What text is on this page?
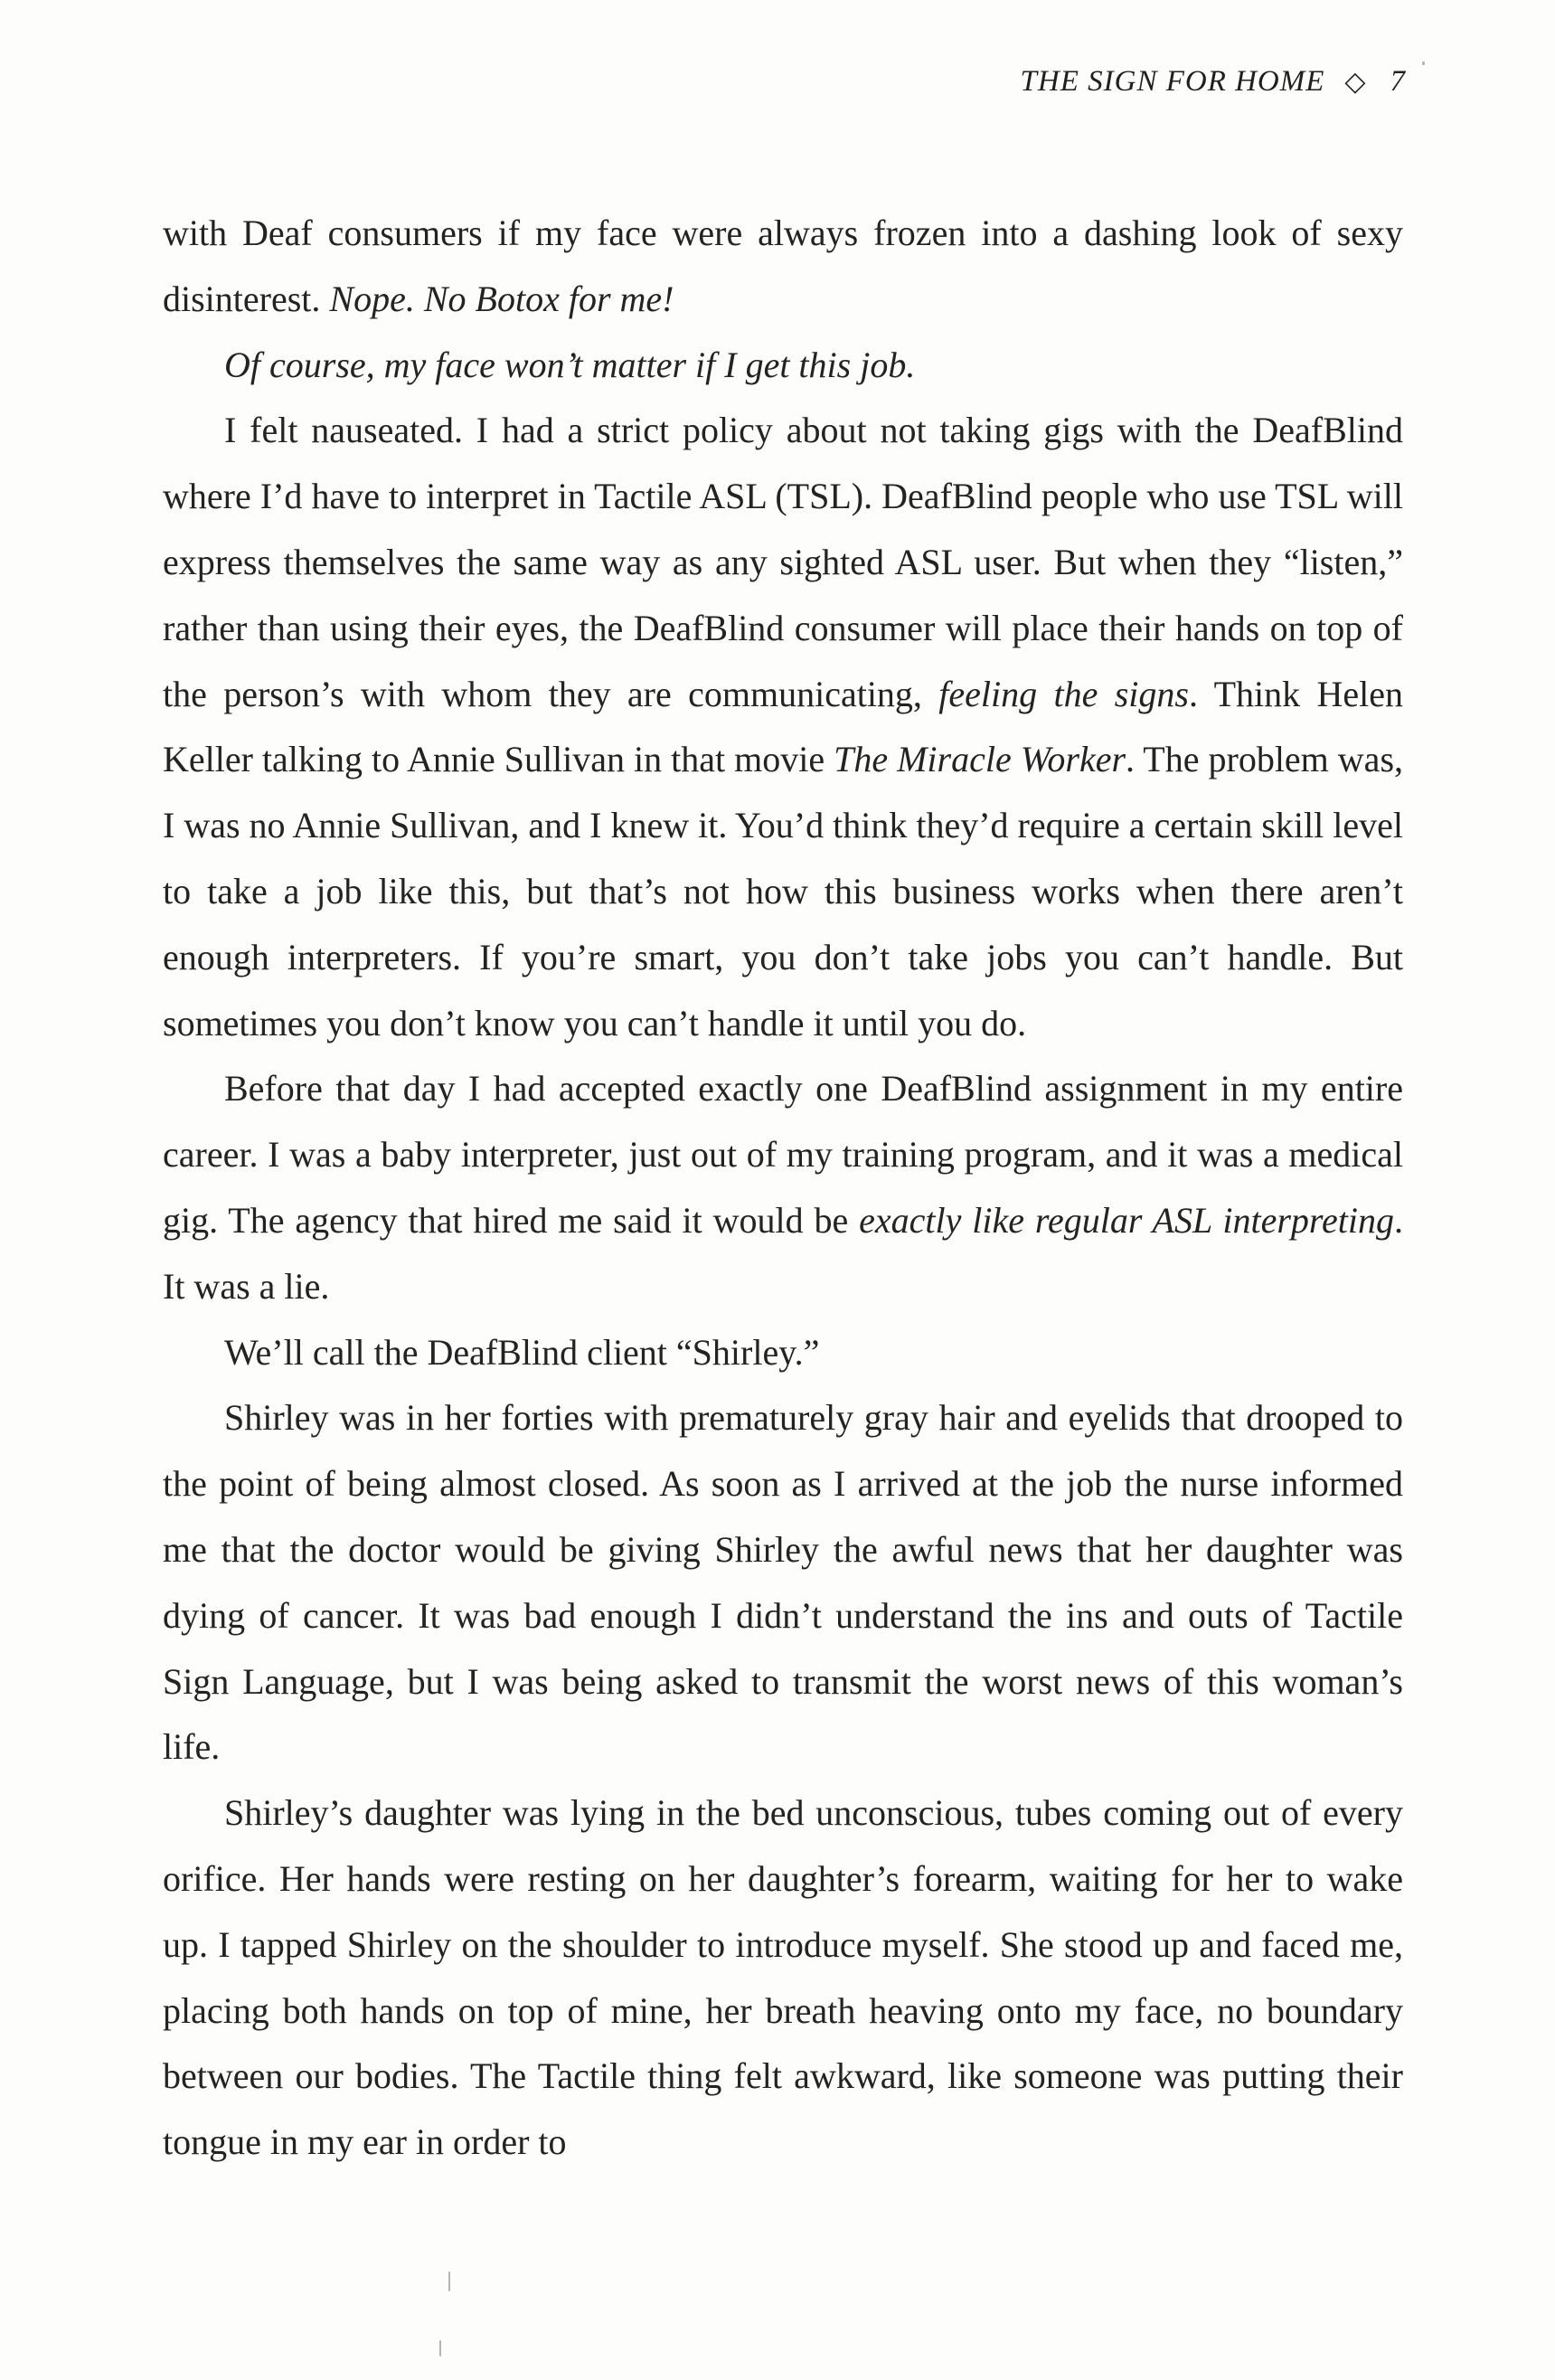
THE SIGN FOR HOME ◇ 7

with Deaf consumers if my face were always frozen into a dashing look of sexy disinterest. Nope. No Botox for me!

Of course, my face won’t matter if I get this job.

I felt nauseated. I had a strict policy about not taking gigs with the DeafBlind where I’d have to interpret in Tactile ASL (TSL). DeafBlind people who use TSL will express themselves the same way as any sighted ASL user. But when they “listen,” rather than using their eyes, the DeafBlind consumer will place their hands on top of the person’s with whom they are communicating, feeling the signs. Think Helen Keller talking to Annie Sullivan in that movie The Miracle Worker. The problem was, I was no Annie Sullivan, and I knew it. You’d think they’d require a certain skill level to take a job like this, but that’s not how this business works when there aren’t enough interpreters. If you’re smart, you don’t take jobs you can’t handle. But sometimes you don’t know you can’t handle it until you do.

Before that day I had accepted exactly one DeafBlind assignment in my entire career. I was a baby interpreter, just out of my training program, and it was a medical gig. The agency that hired me said it would be exactly like regular ASL interpreting. It was a lie.

We’ll call the DeafBlind client “Shirley.”

Shirley was in her forties with prematurely gray hair and eyelids that drooped to the point of being almost closed. As soon as I arrived at the job the nurse informed me that the doctor would be giving Shirley the awful news that her daughter was dying of cancer. It was bad enough I didn’t understand the ins and outs of Tactile Sign Language, but I was being asked to transmit the worst news of this woman’s life.

Shirley’s daughter was lying in the bed unconscious, tubes coming out of every orifice. Her hands were resting on her daughter’s forearm, waiting for her to wake up. I tapped Shirley on the shoulder to introduce myself. She stood up and faced me, placing both hands on top of mine, her breath heaving onto my face, no boundary between our bodies. The Tactile thing felt awkward, like someone was putting their tongue in my ear in order to
